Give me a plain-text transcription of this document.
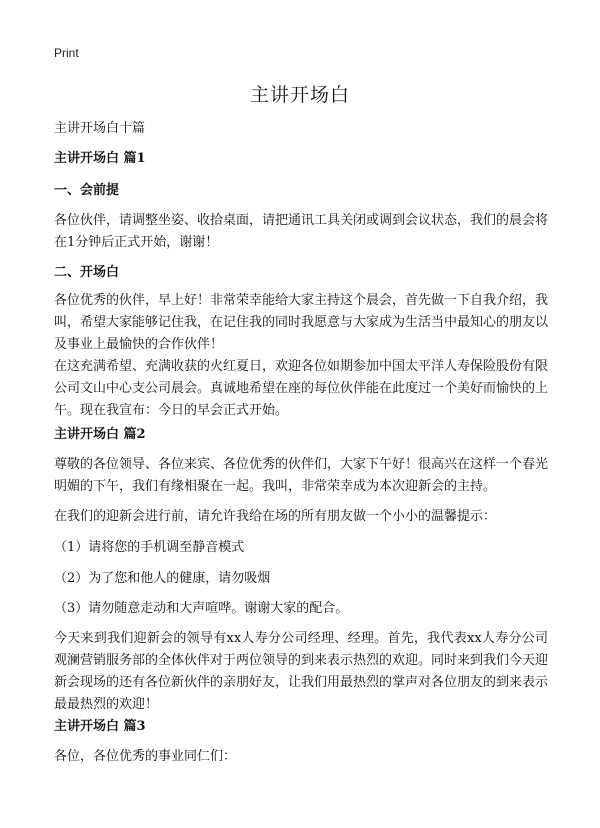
Print
主讲开场白

主讲开场白十篇

主讲开场白 篇1

一、会前提

各位伙伴，请调整坐姿、收拾桌面，请把通讯工具关闭或调到会议状态，我们的晨会将在1分钟后正式开始，谢谢！

二、开场白

各位优秀的伙伴，早上好！非常荣幸能给大家主持这个晨会，首先做一下自我介绍，我叫，希望大家能够记住我，在记住我的同时我愿意与大家成为生活当中最知心的朋友以及事业上最愉快的合作伙伴！

在这充满希望、充满收获的火红夏日，欢迎各位如期参加中国太平洋人寿保险股份有限公司文山中心支公司晨会。真诚地希望在座的每位伙伴能在此度过一个美好而愉快的上午。现在我宣布：今日的早会正式开始。

主讲开场白 篇2

尊敬的各位领导、各位来宾、各位优秀的伙伴们，大家下午好！很高兴在这样一个春光明媚的下午，我们有缘相聚在一起。我叫，非常荣幸成为本次迎新会的主持。

在我们的迎新会进行前，请允许我给在场的所有朋友做一个小小的温馨提示：

（1）请将您的手机调至静音模式

（2）为了您和他人的健康，请勿吸烟

（3）请勿随意走动和大声喧哗。谢谢大家的配合。

今天来到我们迎新会的领导有xx人寿分公司经理、经理。首先，我代表xx人寿分公司观澜营销服务部的全体伙伴对于两位领导的到来表示热烈的欢迎。同时来到我们今天迎新会现场的还有各位新伙伴的亲朋好友，让我们用最热烈的掌声对各位朋友的到来表示最最热烈的欢迎！

主讲开场白 篇3

各位，各位优秀的事业同仁们：
